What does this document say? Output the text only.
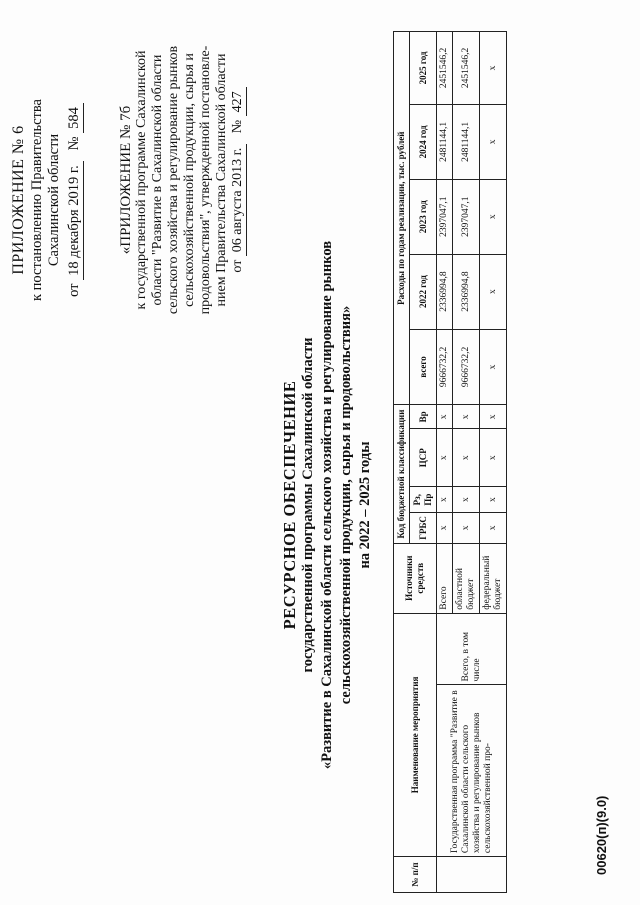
ПРИЛОЖЕНИЕ № 6 к постановлению Правительства Сахалинской области
от 18 декабря 2019 г.   № 584 «ПРИЛОЖЕНИЕ № 7б к государственной программе Сахалинской области "Развитие в Сахалинской области сельского хозяйства и регулирование рынков сельскохозяйственной продукции, сырья и продовольствия", утвержденной постановле- нием Правительства Сахалинской области от 06 августа 2013 г.   № 427
РЕСУРСНОЕ ОБЕСПЕЧЕНИЕ государственной программы Сахалинской области «Развитие в Сахалинской области сельского хозяйства и регулирование рынков сельскохозяйственной продукции, сырья и продовольствия» на 2022 – 2025 годы
№ п/п	Наименование мероприятия		Источники средств	Код бюджетной классификации				Расходы по годам реализации, тыс. рублей				
				ГРБС	Рз, Пр	ЦСР	Вр	всего	2022 год	2023 год	2024 год	2025 год
	Государственная программа "Развитие в Сахалинской области сельского хозяйства и регулирование рынков сельскохозяйственной про-	Всего, в том числе	Всего	х	х	х	х	9666732,2	2336994,8	2397047,1	2481144,1	2451546,2
			областной бюджет	х	х	х	х	9666732,2	2336994,8	2397047,1	2481144,1	2451546,2
			федеральный бюджет	х	х	х	х	х	х	х	х	х
00620(п)(9.0)
